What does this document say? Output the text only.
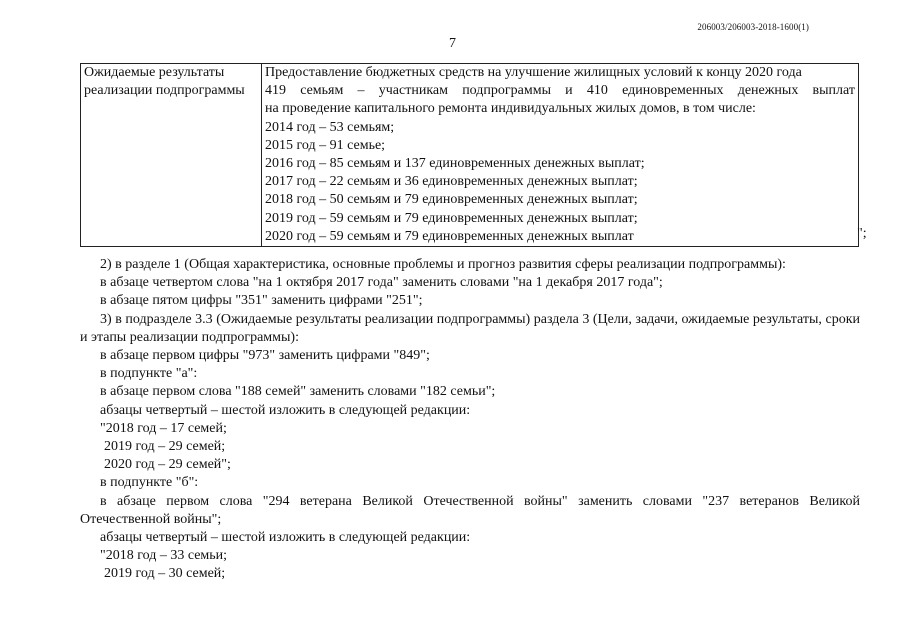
206003/206003-2018-1600(1)
7
Ожидаемые результаты
реализации подпрограммы

Предоставление бюджетных средств на улучшение жилищных условий к концу 2020 года
419 семьям – участникам подпрограммы и 410 единовременных денежных выплат
на проведение капитального ремонта индивидуальных жилых домов, в том числе:
2014 год – 53 семьям;
2015 год – 91 семье;
2016 год – 85 семьям и 137 единовременных денежных выплат;
2017 год – 22 семьям и 36 единовременных денежных выплат;
2018 год – 50 семьям и 79 единовременных денежных выплат;
2019 год – 59 семьям и 79 единовременных денежных выплат;
2020 год – 59 семьям и 79 единовременных денежных выплат	";

2) в разделе 1 (Общая характеристика, основные проблемы и прогноз развития сферы реализации подпрограммы):

в абзаце четвертом слова "на 1 октября 2017 года" заменить словами "на 1 декабря 2017 года";

в абзаце пятом цифры "351" заменить цифрами "251";

3) в подразделе 3.3 (Ожидаемые результаты реализации подпрограммы) раздела 3 (Цели, задачи, ожидаемые результаты, сроки и этапы реализации подпрограммы):

в абзаце первом цифры "973" заменить цифрами "849";

в подпункте "а":

в абзаце первом слова "188 семей" заменить словами "182 семьи";

абзацы четвертый – шестой изложить в следующей редакции:

"2018 год – 17 семей;

2019 год – 29 семей;

2020 год – 29 семей";

в подпункте "б":

в абзаце первом слова "294 ветерана Великой Отечественной войны" заменить словами "237 ветеранов Великой Отечественной войны";

абзацы четвертый – шестой изложить в следующей редакции:

"2018 год – 33 семьи;

2019 год – 30 семей;
